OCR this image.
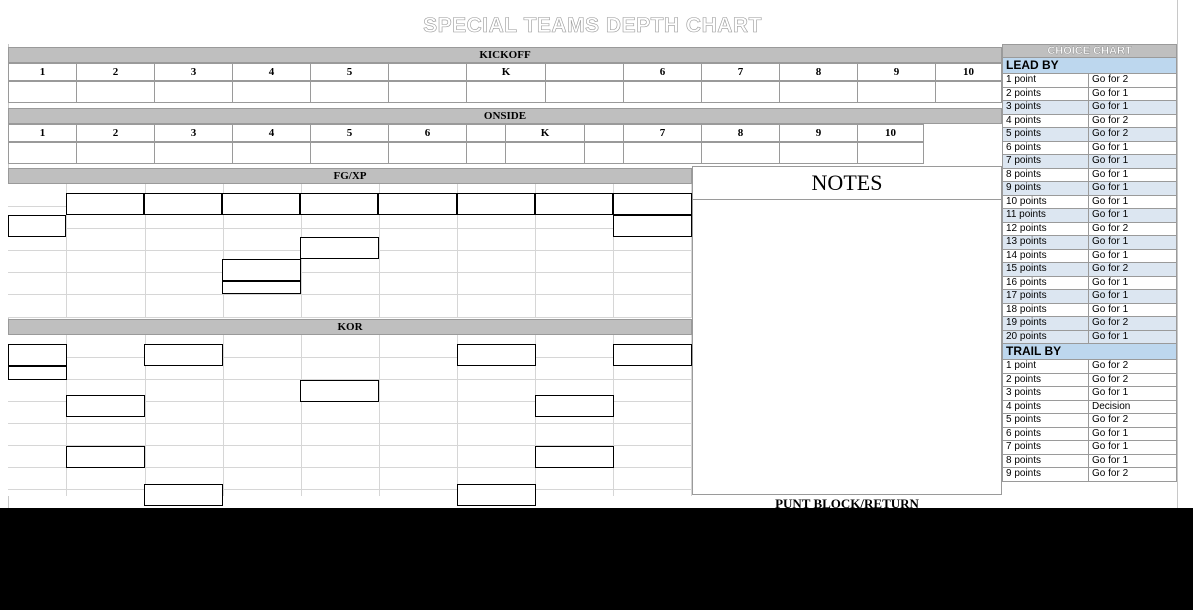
SPECIAL TEAMS DEPTH CHART
KICKOFF
1	2	3	4	5	K	6	7	8	9	10
ONSIDE
1	2	3	4	5	6	K	7	8	9	10
FG/XP
KOR
NOTES
PUNT BLOCK/RETURN
CHOICE CHART
LEAD BY
1 point	Go for 2
2 points	Go for 1
3 points	Go for 1
4 points	Go for 2
5 points	Go for 2
6 points	Go for 1
7 points	Go for 1
8 points	Go for 1
9 points	Go for 1
10 points	Go for 1
11 points	Go for 1
12 points	Go for 2
13 points	Go for 1
14 points	Go for 1
15 points	Go for 2
16 points	Go for 1
17 points	Go for 1
18 points	Go for 1
19 points	Go for 2
20 points	Go for 1
TRAIL BY
1 point	Go for 2
2 points	Go for 2
3 points	Go for 1
4 points	Decision
5 points	Go for 2
6 points	Go for 1
7 points	Go for 1
8 points	Go for 1
9 points	Go for 2
